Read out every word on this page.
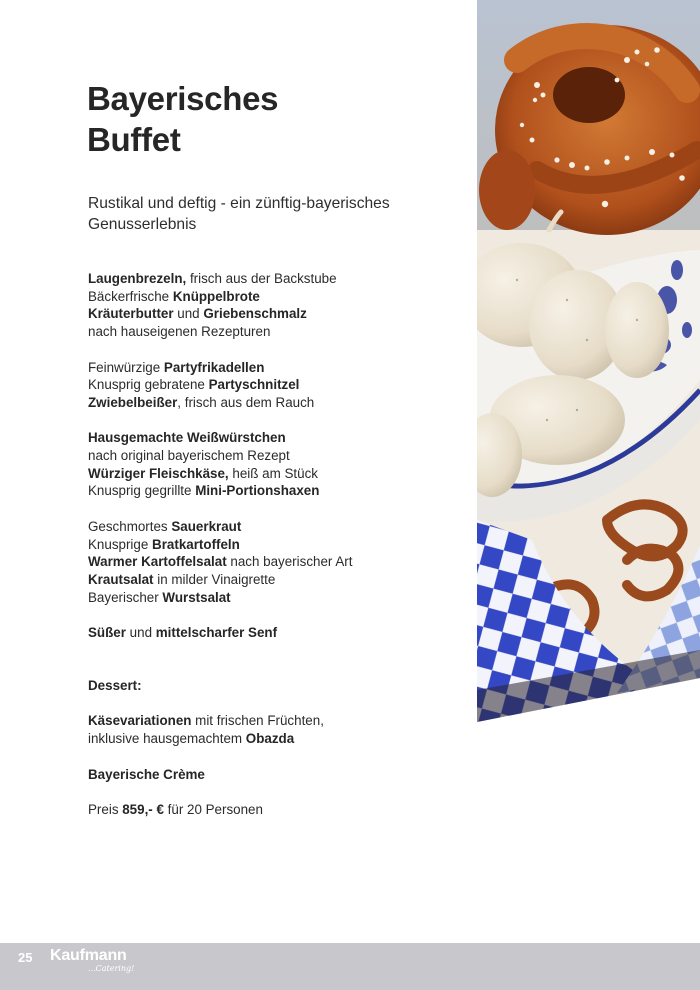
Bayerisches
Buffet

Rustikal und deftig - ein zünftig-bayerisches
Genusserlebnis

Laugenbrezeln, frisch aus der Backstube
Bäckerfrische Knüppelbrote
Kräuterbutter und Griebenschmalz
nach hauseigenen Rezepturen
Feinwürzige Partyfrikadellen
Knusprig gebratene Partyschnitzel
Zwiebelbeißer, frisch aus dem Rauch
Hausgemachte Weißwürstchen
nach original bayerischem Rezept
Würziger Fleischkäse, heiß am Stück
Knusprig gegrillte Mini-Portionshaxen
Geschmortes Sauerkraut
Knusprige Bratkartoffeln
Warmer Kartoffelsalat nach bayerischer Art
Krautsalat in milder Vinaigrette
Bayerischer Wurstsalat
Süßer und mittelscharfer Senf
Dessert:
Käsevariationen mit frischen Früchten,
inklusive hausgemachtem Obazda
Bayerische Crème
Preis 859,- € für 20 Personen
25 Kaufmann
...Catering!
